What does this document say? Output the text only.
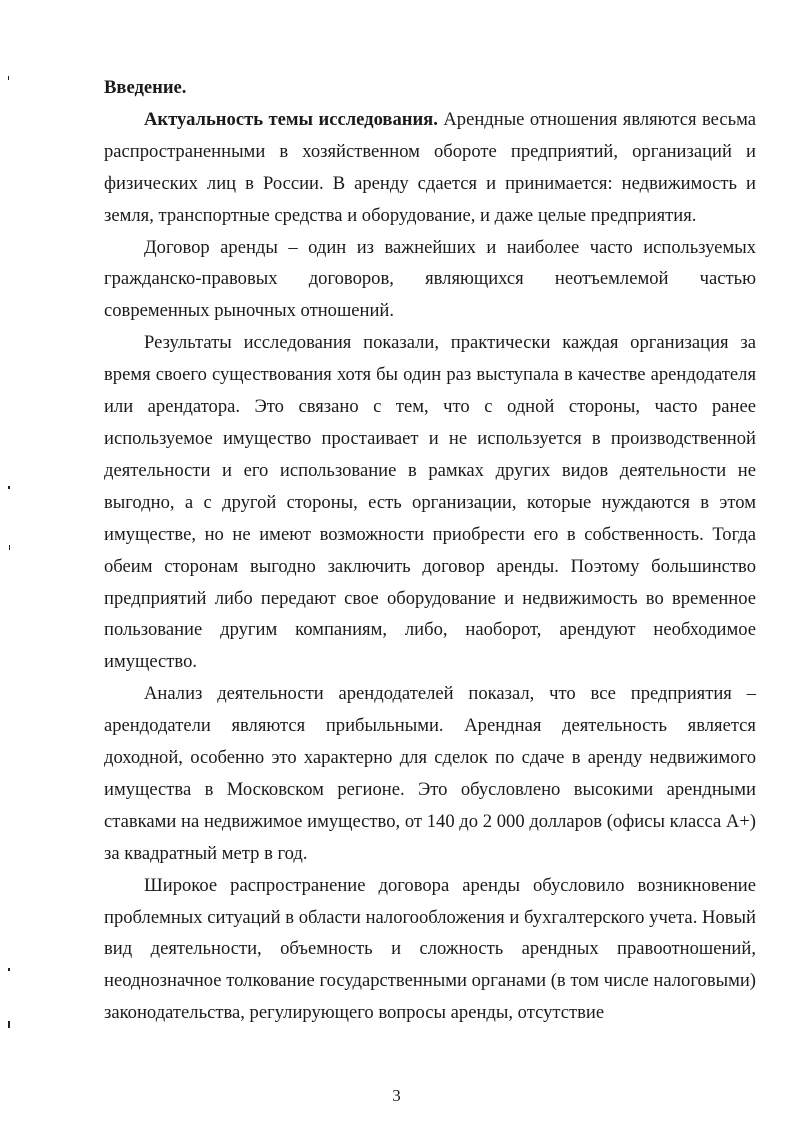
Введение.

Актуальность темы исследования. Арендные отношения являются весьма распространенными в хозяйственном обороте предприятий, организаций и физических лиц в России. В аренду сдается и принимается: недвижимость и земля, транспортные средства и оборудование, и даже целые предприятия.

Договор аренды – один из важнейших и наиболее часто используемых гражданско-правовых договоров, являющихся неотъемлемой частью современных рыночных отношений.

Результаты исследования показали, практически каждая организация за время своего существования хотя бы один раз выступала в качестве арендодателя или арендатора. Это связано с тем, что с одной стороны, часто ранее используемое имущество простаивает и не используется в производственной деятельности и его использование в рамках других видов деятельности не выгодно, а с другой стороны, есть организации, которые нуждаются в этом имуществе, но не имеют возможности приобрести его в собственность. Тогда обеим сторонам выгодно заключить договор аренды. Поэтому большинство предприятий либо передают свое оборудование и недвижимость во временное пользование другим компаниям, либо, наоборот, арендуют необходимое имущество.

Анализ деятельности арендодателей показал, что все предприятия – арендодатели являются прибыльными. Арендная деятельность является доходной, особенно это характерно для сделок по сдаче в аренду недвижимого имущества в Московском регионе. Это обусловлено высокими арендными ставками на недвижимое имущество, от 140 до 2 000 долларов (офисы класса А+) за квадратный метр в год.

Широкое распространение договора аренды обусловило возникновение проблемных ситуаций в области налогообложения и бухгалтерского учета. Новый вид деятельности, объемность и сложность арендных правоотношений, неоднозначное толкование государственными органами (в том числе налоговыми) законодательства, регулирующего вопросы аренды, отсутствие

3
